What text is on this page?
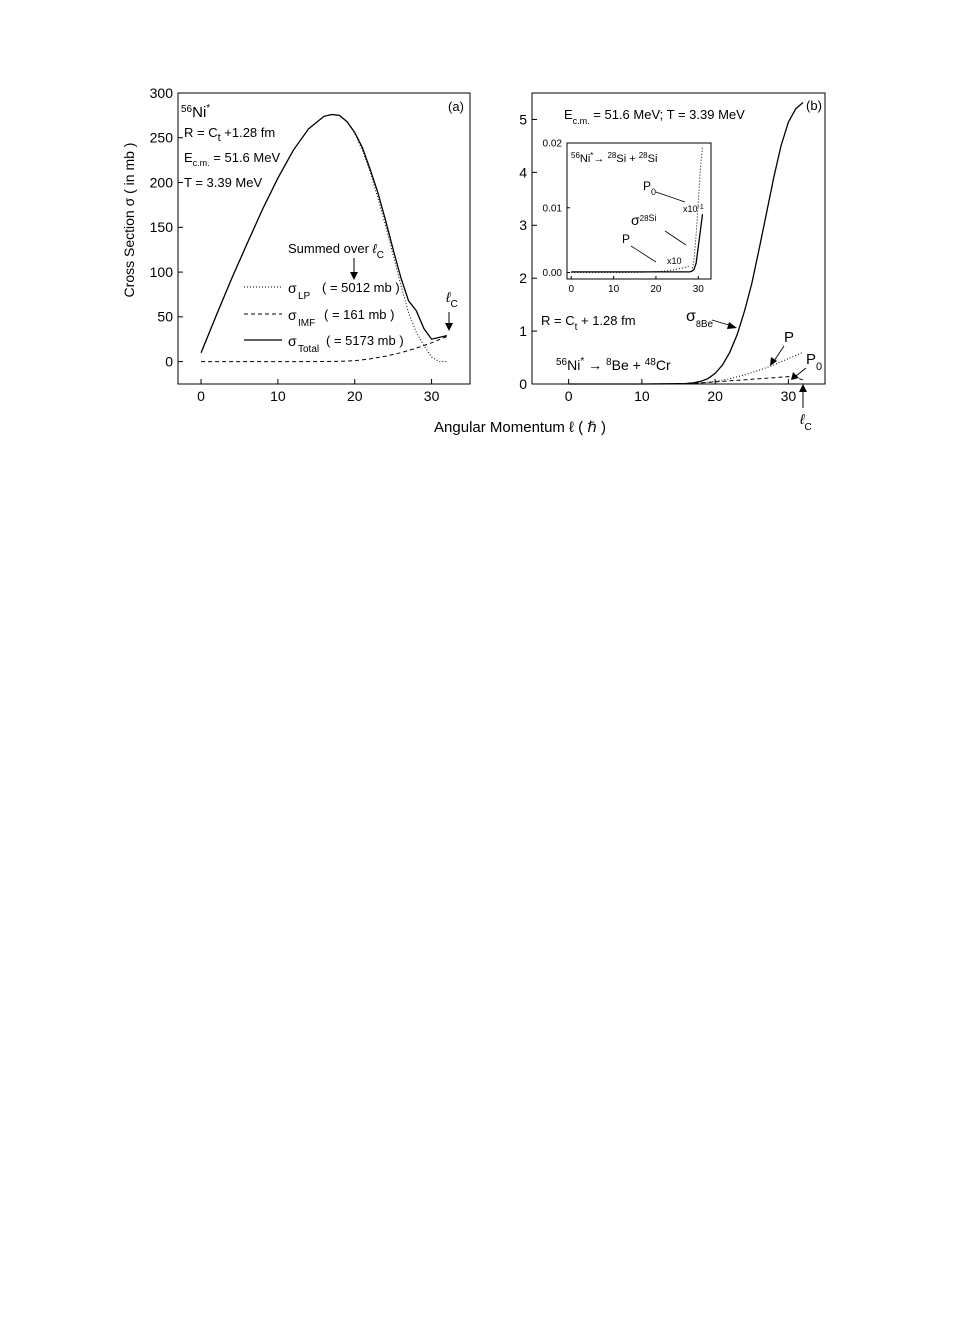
0	10	20	30
0
50
100
150
200
250
300
(a)
$^{56}$Ni*
$R = C_t +1.28$ fm
$E_{c.m.} = 51.6$ MeV
T = 3.39 MeV
Summed over ℓ$_C$
σ
LP
( = 5012 mb )
σ
IMF
( = 161 mb )
σ
Total
( = 5173 mb )
ℓ$_C$
Cross Section σ ( in mb )
0	10	20	30
0
1
2
3
4
5
(b)
$E_{c.m.} = 51.6$ MeV; T = 3.39 MeV
$R = C_t + 1.28$ fm
$^{56}$Ni* → $^8$Be + $^{48}$Cr
$\sigma_8Be$
P
$P_0$
ℓ$_C$
0	10	20	30
0.00
0.01
0.02
$^{56}$Ni*→ $^{28}$Si + $^{28}$Si
$P_0$
$x10^{-1}$
$\sigma^{28}Si$
P
x10
Angular Momentum ℓ ( ℏ )
